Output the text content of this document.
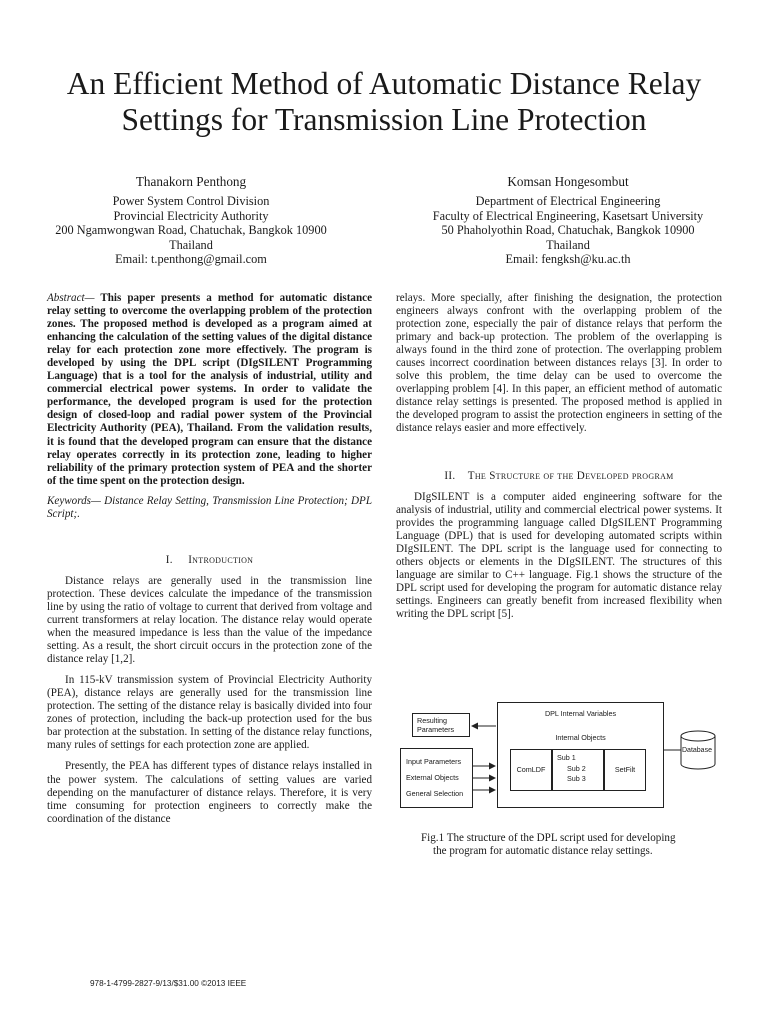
An Efficient Method of Automatic Distance Relay
Settings for Transmission Line Protection
Thanakorn Penthong
Power System Control Division
Provincial Electricity Authority
200 Ngamwongwan Road, Chatuchak, Bangkok 10900
Thailand
Email: t.penthong@gmail.com
Komsan Hongesombut
Department of Electrical Engineering
Faculty of Electrical Engineering, Kasetsart University
50 Phaholyothin Road, Chatuchak, Bangkok 10900
Thailand
Email: fengksh@ku.ac.th

Abstract— This paper presents a method for automatic distance relay setting to overcome the overlapping problem of the protection zones. The proposed method is developed as a program aimed at enhancing the calculation of the setting values of the digital distance relay for each protection zone more effectively. The program is developed by using the DPL script (DIgSILENT Programming Language) that is a tool for the analysis of industrial, utility and commercial electrical power systems. In order to validate the performance, the developed program is used for the protection design of closed-loop and radial power system of the Provincial Electricity Authority (PEA), Thailand. From the validation results, it is found that the developed program can ensure that the distance relay operates correctly in its protection zone, leading to higher reliability of the primary protection system of PEA and the shorter of the time spent on the protection design.

Keywords— Distance Relay Setting, Transmission Line Protection; DPL Script;.

I. Introduction

Distance relays are generally used in the transmission line protection. These devices calculate the impedance of the transmission line by using the ratio of voltage to current that derived from voltage and current transformers at relay location. The distance relay would operate when the measured impedance is less than the value of the impedance setting. As a result, the short circuit occurs in the protection zone of the distance relay [1,2].

In 115-kV transmission system of Provincial Electricity Authority (PEA), distance relays are generally used for the transmission line protection. The setting of the distance relay is basically divided into four zones of protection, including the back-up protection used for the bus bar protection at the substation. In setting of the distance relay functions, many rules of settings for each protection zone are applied.

Presently, the PEA has different types of distance relays installed in the power system. The calculations of setting values are varied depending on the manufacturer of distance relays. Therefore, it is very time consuming for protection engineers to correctly make the coordination of the distance

relays. More specially, after finishing the designation, the protection engineers always confront with the overlapping problem of the protection zone, especially the pair of distance relays that perform the primary and back-up protection. The problem of the overlapping is always found in the third zone of protection. The overlapping problem causes incorrect coordination between distances relays [3]. In order to solve this problem, the time delay can be used to overcome the overlapping problem [4]. In this paper, an efficient method of automatic distance relay settings is presented. The proposed method is applied in the developed program to assist the protection engineers in setting of the distance relays easier and more effectively.

II. The Structure of the Developed program

DIgSILENT is a computer aided engineering software for the analysis of industrial, utility and commercial electrical power systems. It provides the programming language called DIgSILENT Programming Language (DPL) that is used for developing automated scripts within DIgSILENT. The DPL script is the language used for connecting to others objects or elements in the DIgSILENT. The structures of this language are similar to C++ language. Fig.1 shows the structure of the DPL script used for developing the program for automatic distance relay settings. Engineers can greatly benefit from increased flexibility when writing the DPL script [5].

Resulting Parameters
Input Parameters
External Objects
General Selection
DPL Internal Variables
Internal Objects
ComLDF
Sub 1
Sub 2
Sub 3
SetFilt
Database
Fig.1 The structure of the DPL script used for developing
the program for automatic distance relay settings.
978-1-4799-2827-9/13/$31.00 ©2013 IEEE
